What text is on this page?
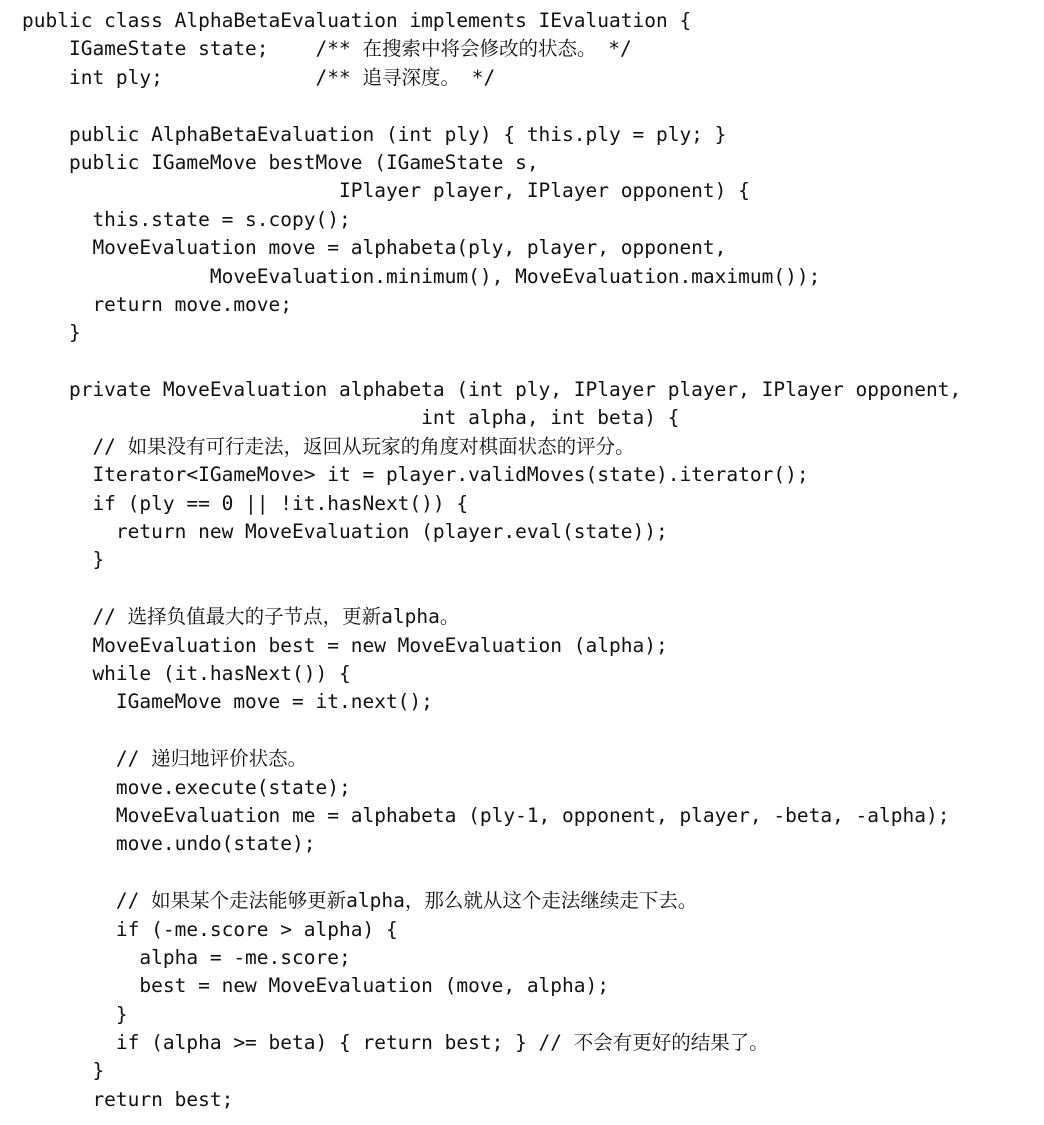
public class AlphaBetaEvaluation implements IEvaluation {
IGameState state;    /** 在搜索中将会修改的状态。 */
int ply;             /** 追寻深度。 */
public AlphaBetaEvaluation (int ply) { this.ply = ply; }
public IGameMove bestMove (IGameState s,
IPlayer player, IPlayer opponent) {
this.state = s.copy();
MoveEvaluation move = alphabeta(ply, player, opponent,
MoveEvaluation.minimum(), MoveEvaluation.maximum());
return move.move;
}
private MoveEvaluation alphabeta (int ply, IPlayer player, IPlayer opponent,
int alpha, int beta) {
// 如果没有可行走法，返回从玩家的角度对棋面状态的评分。
Iterator<IGameMove> it = player.validMoves(state).iterator();
if (ply == 0 || !it.hasNext()) {
return new MoveEvaluation (player.eval(state));
}
// 选择负值最大的子节点，更新alpha。
MoveEvaluation best = new MoveEvaluation (alpha);
while (it.hasNext()) {
IGameMove move = it.next();
// 递归地评价状态。
move.execute(state);
MoveEvaluation me = alphabeta (ply-1, opponent, player, -beta, -alpha);
move.undo(state);
// 如果某个走法能够更新alpha，那么就从这个走法继续走下去。
if (-me.score > alpha) {
alpha = -me.score;
best = new MoveEvaluation (move, alpha);
}
if (alpha >= beta) { return best; } // 不会有更好的结果了。
}
return best;
